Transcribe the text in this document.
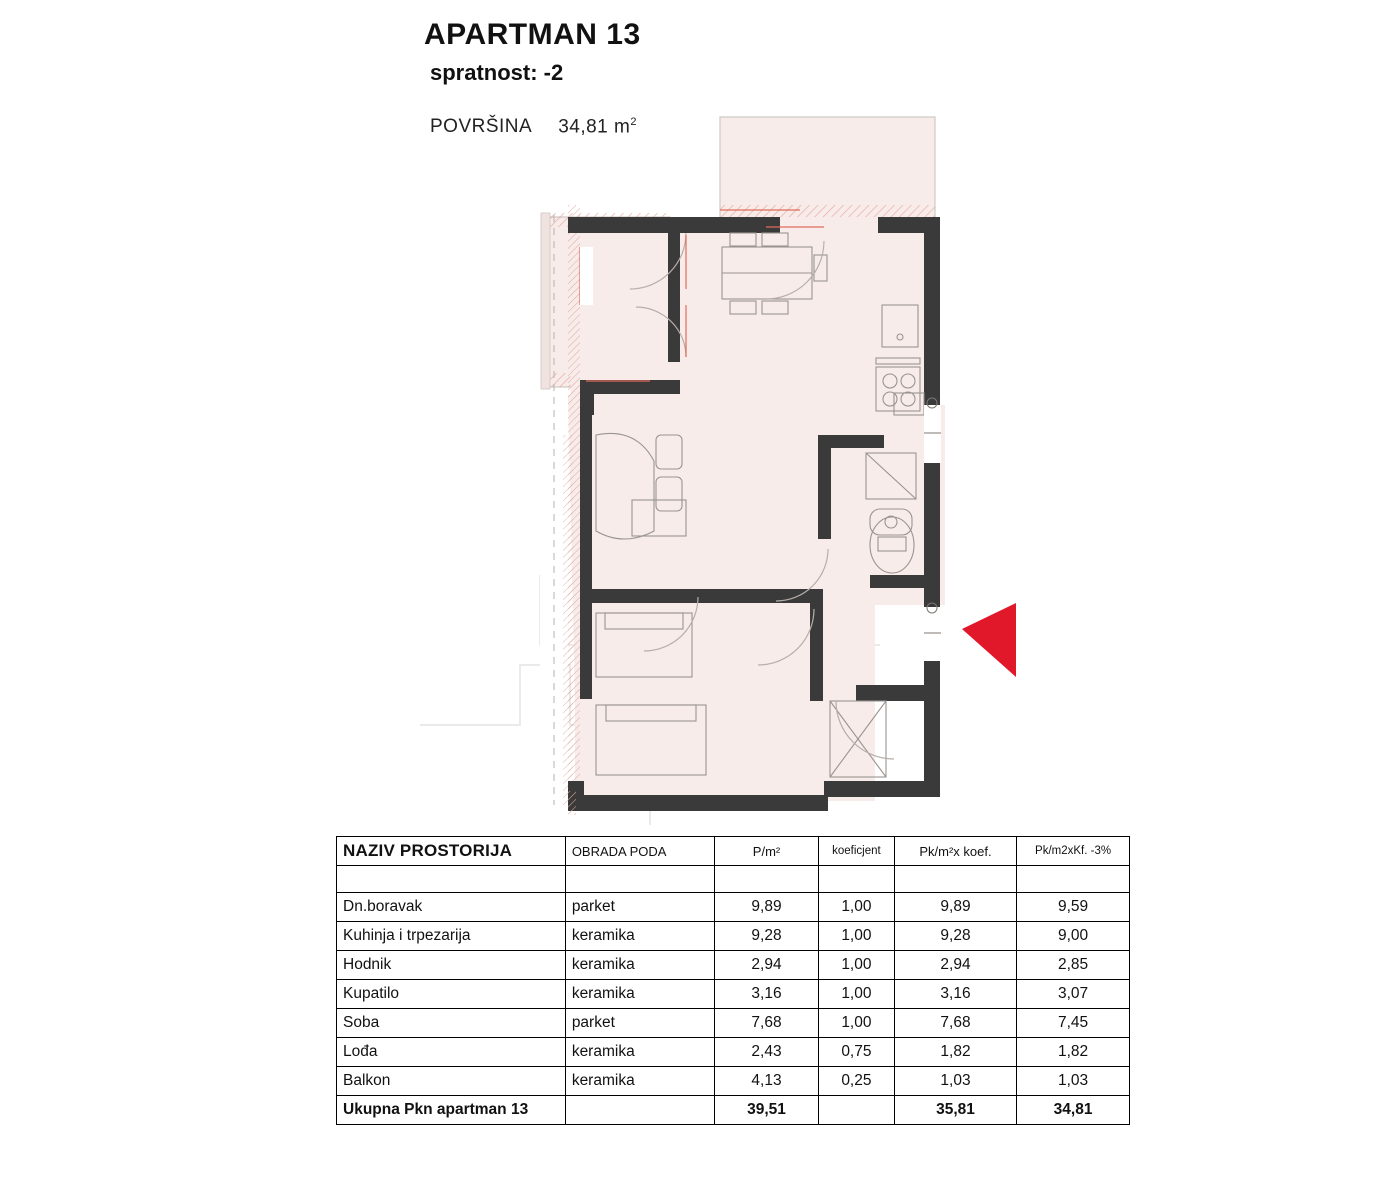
APARTMAN 13
spratnost: -2
POVRŠINA 34,81 $m^2$
NAZIV PROSTORIJA	OBRADA PODA	P/m²	koeficjent	Pk/m²x koef.	Pk/m2xKf. -3%

Dn.boravak	parket	9,89	1,00	9,89	9,59
Kuhinja i trpezarija	keramika	9,28	1,00	9,28	9,00
Hodnik	keramika	2,94	1,00	2,94	2,85
Kupatilo	keramika	3,16	1,00	3,16	3,07
Soba	parket	7,68	1,00	7,68	7,45
Lođa	keramika	2,43	0,75	1,82	1,82
Balkon	keramika	4,13	0,25	1,03	1,03
Ukupna Pkn apartman 13		39,51		35,81	34,81
